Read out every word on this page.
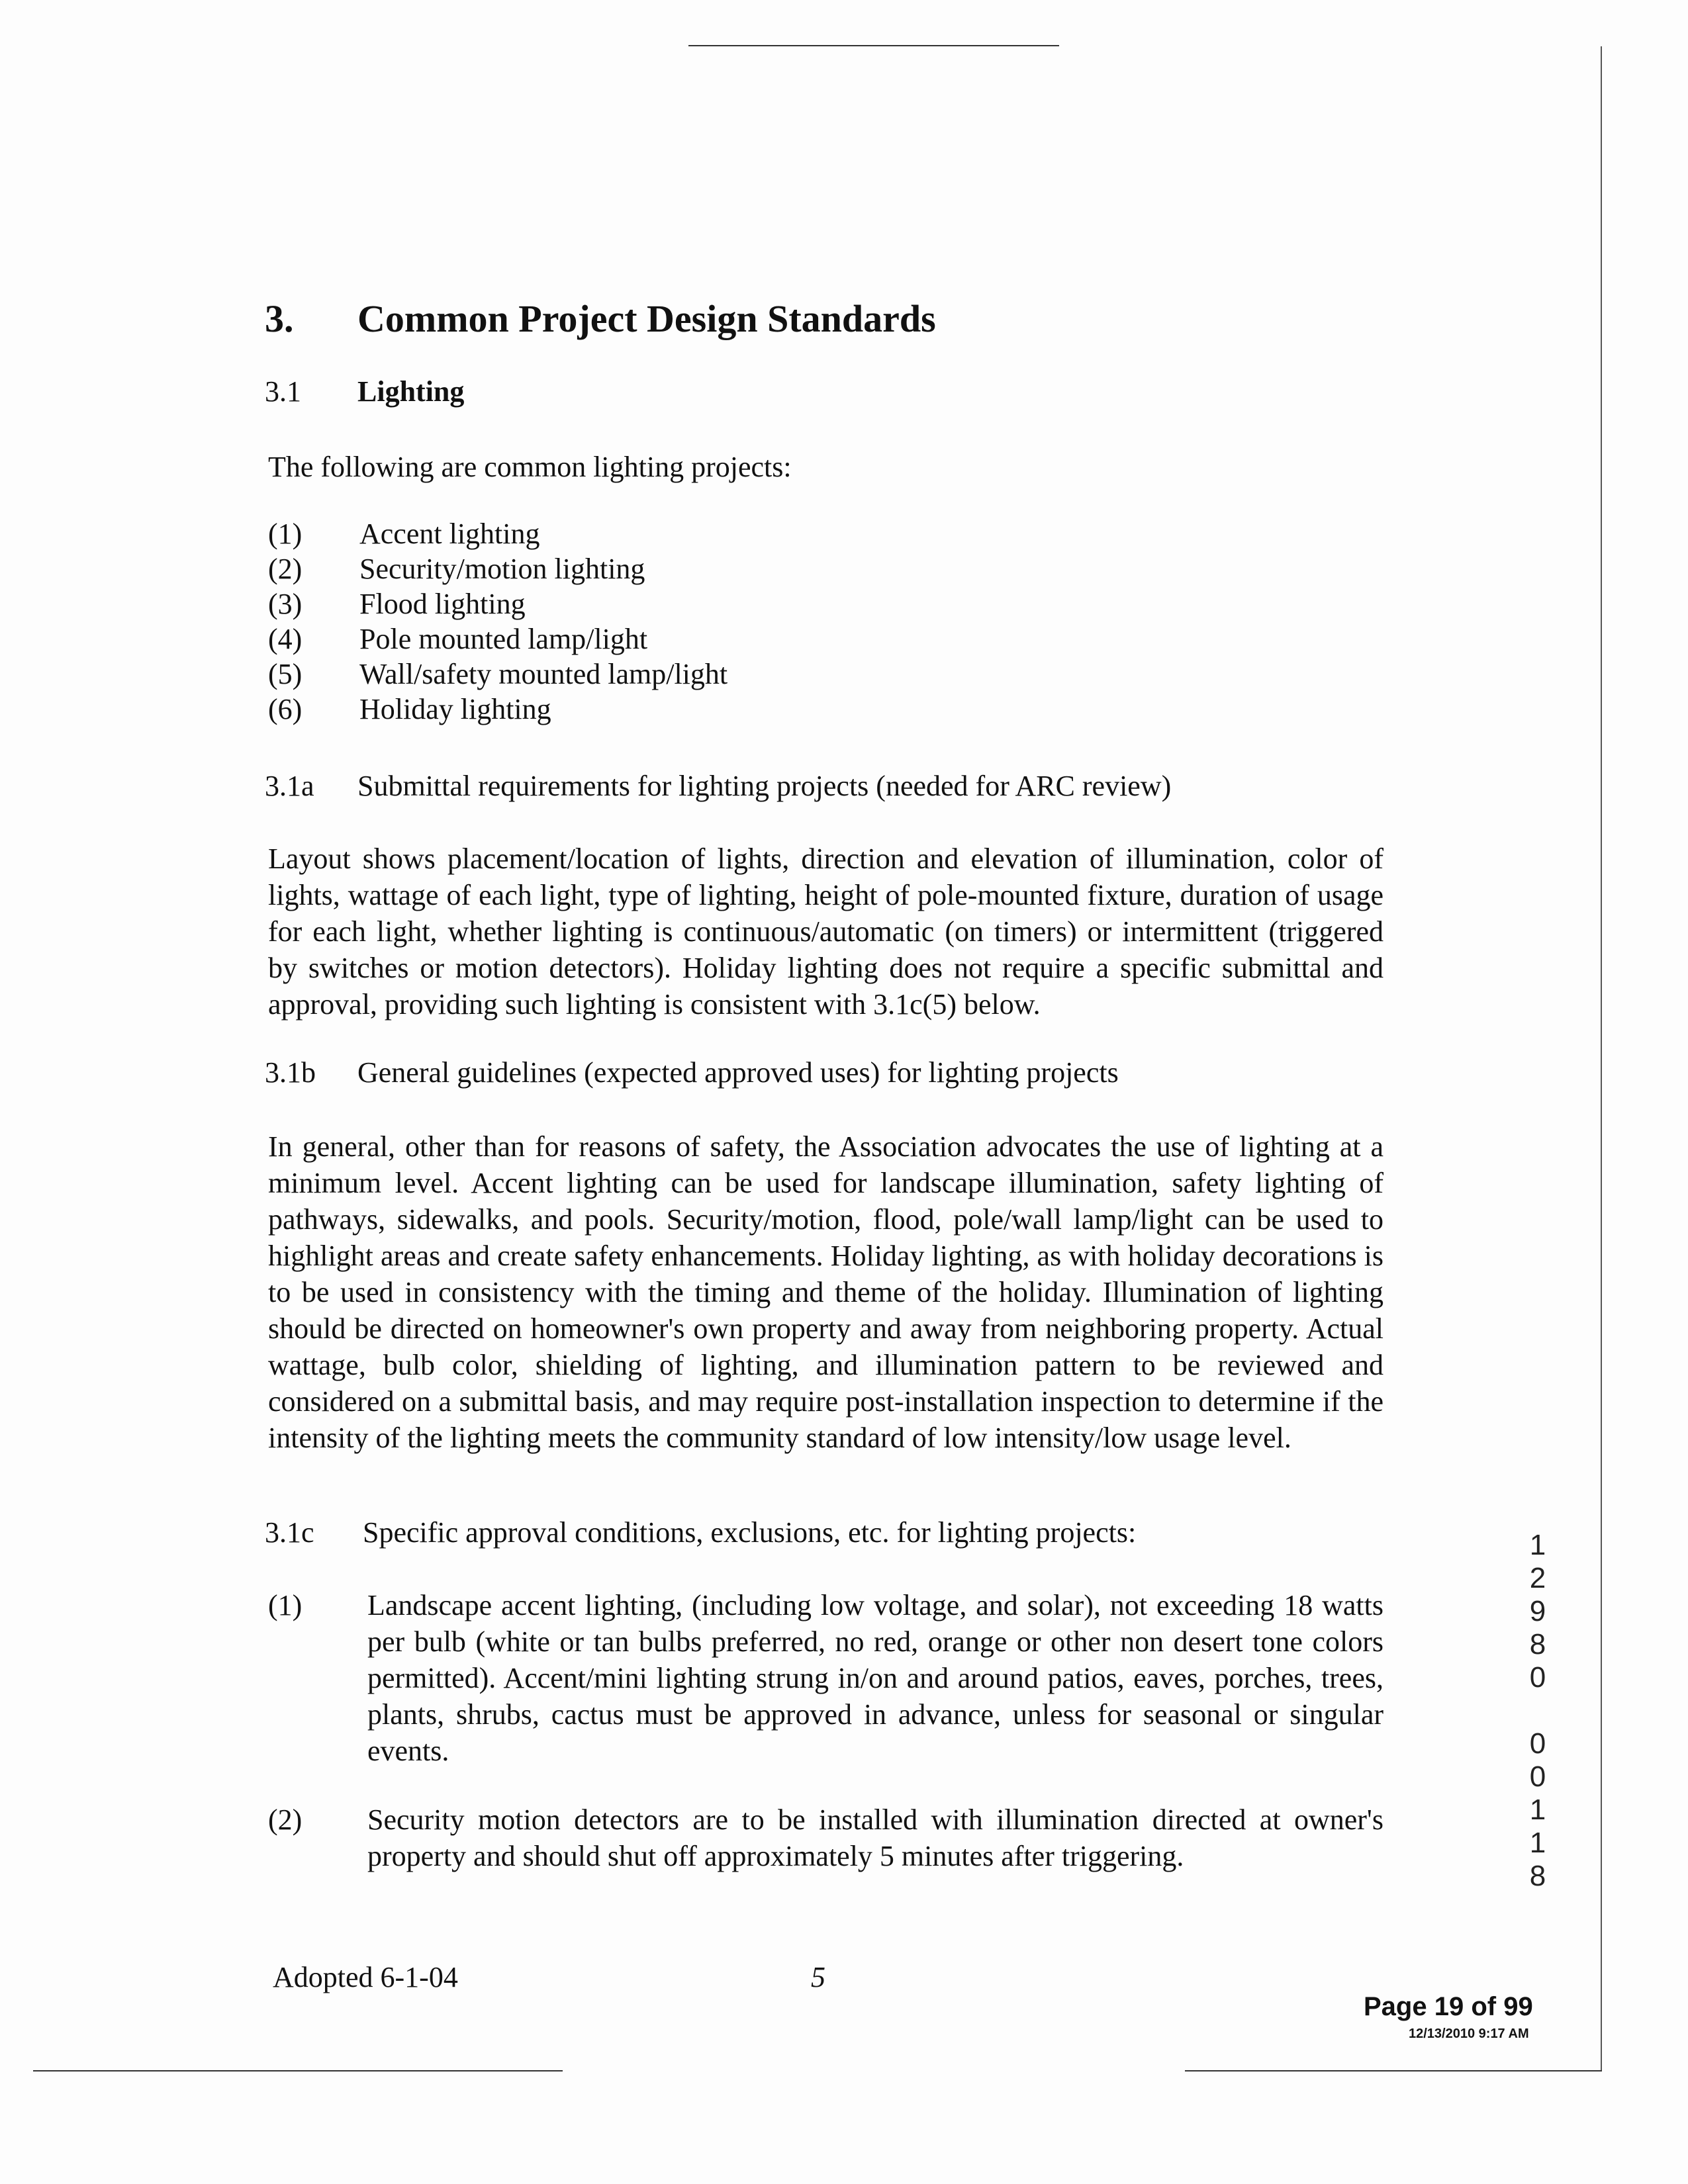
3. Common Project Design Standards
3.1 Lighting
The following are common lighting projects:
(1) Accent lighting
(2) Security/motion lighting
(3) Flood lighting
(4) Pole mounted lamp/light
(5) Wall/safety mounted lamp/light
(6) Holiday lighting
3.1a Submittal requirements for lighting projects (needed for ARC review)
Layout shows placement/location of lights, direction and elevation of illumination, color of lights, wattage of each light, type of lighting, height of pole-mounted fixture, duration of usage for each light, whether lighting is continuous/automatic (on timers) or intermittent (triggered by switches or motion detectors). Holiday lighting does not require a specific submittal and approval, providing such lighting is consistent with 3.1c(5) below.
3.1b General guidelines (expected approved uses) for lighting projects
In general, other than for reasons of safety, the Association advocates the use of lighting at a minimum level. Accent lighting can be used for landscape illumination, safety lighting of pathways, sidewalks, and pools. Security/motion, flood, pole/wall lamp/light can be used to highlight areas and create safety enhancements. Holiday lighting, as with holiday decorations is to be used in consistency with the timing and theme of the holiday. Illumination of lighting should be directed on homeowner's own property and away from neighboring property. Actual wattage, bulb color, shielding of lighting, and illumination pattern to be reviewed and considered on a submittal basis, and may require post-installation inspection to determine if the intensity of the lighting meets the community standard of low intensity/low usage level.
3.1c Specific approval conditions, exclusions, etc. for lighting projects:
(1) Landscape accent lighting, (including low voltage, and solar), not exceeding 18 watts per bulb (white or tan bulbs preferred, no red, orange or other non desert tone colors permitted). Accent/mini lighting strung in/on and around patios, eaves, porches, trees, plants, shrubs, cactus must be approved in advance, unless for seasonal or singular events.
(2) Security motion detectors are to be installed with illumination directed at owner's property and should shut off approximately 5 minutes after triggering.
1
2
9
8
0

0
0
1
1
8
Adopted 6-1-04	5
Page 19 of 99
12/13/2010 9:17 AM
